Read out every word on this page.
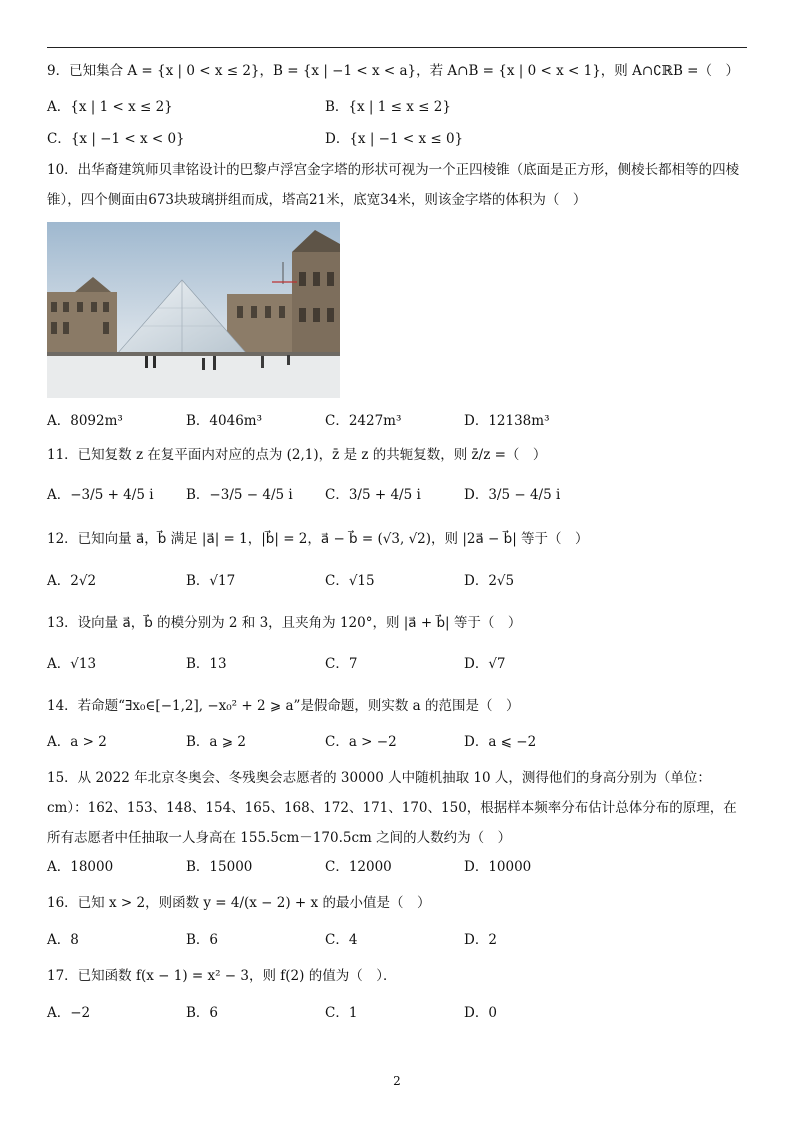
9．已知集合 A = {x | 0 < x ≤ 2}，B = {x | −1 < x < a}，若 A∩B = {x | 0 < x < 1}，则 A∩∁ℝB =（　）
A．{x | 1 < x ≤ 2}	B．{x | 1 ≤ x ≤ 2}
C．{x | −1 < x < 0}	D．{x | −1 < x ≤ 0}
10．出华裔建筑师贝聿铭设计的巴黎卢浮宫金字塔的形状可视为一个正四棱锥（底面是正方形，侧棱长都相等的四棱锥），四个侧面由673块玻璃拼组而成，塔高21米，底宽34米，则该金字塔的体积为（　）
A．8092m³	B．4046m³	C．2427m³	D．12138m³
11．已知复数 z 在复平面内对应的点为 (2,1)，z̄ 是 z 的共轭复数，则 z̄/z =（　）
A．−3/5 + 4/5 i B．−3/5 − 4/5 i C．3/5 + 4/5 i	D．3/5 − 4/5 i
12．已知向量 a⃗，b⃗ 满足 |a⃗| = 1，|b⃗| = 2，a⃗ − b⃗ = (√3, √2)，则 |2a⃗ − b⃗| 等于（　）
A．2√2	B．√17	C．√15	D．2√5
13．设向量 a⃗，b⃗ 的模分别为 2 和 3，且夹角为 120°，则 |a⃗ + b⃗| 等于（　）
A．√13	B．13	C．7	D．√7
14．若命题“∃x₀∈[−1,2], −x₀² + 2 ⩾ a”是假命题，则实数 a 的范围是（　）
A．a > 2	B．a ⩾ 2	C．a > −2	D．a ⩽ −2
15．从 2022 年北京冬奥会、冬残奥会志愿者的 30000 人中随机抽取 10 人，测得他们的身高分别为（单位：cm）：162、153、148、154、165、168、172、171、170、150，根据样本频率分布估计总体分布的原理，在所有志愿者中任抽取一人身高在 155.5cm－170.5cm 之间的人数约为（　）
A．18000	B．15000	C．12000	D．10000
16．已知 x > 2，则函数 y = 4/(x − 2) + x 的最小值是（　）
A．8	B．6	C．4	D．2
17．已知函数 f(x − 1) = x² − 3，则 f(2) 的值为（　）．
A．−2	B．6	C．1	D．0
2
